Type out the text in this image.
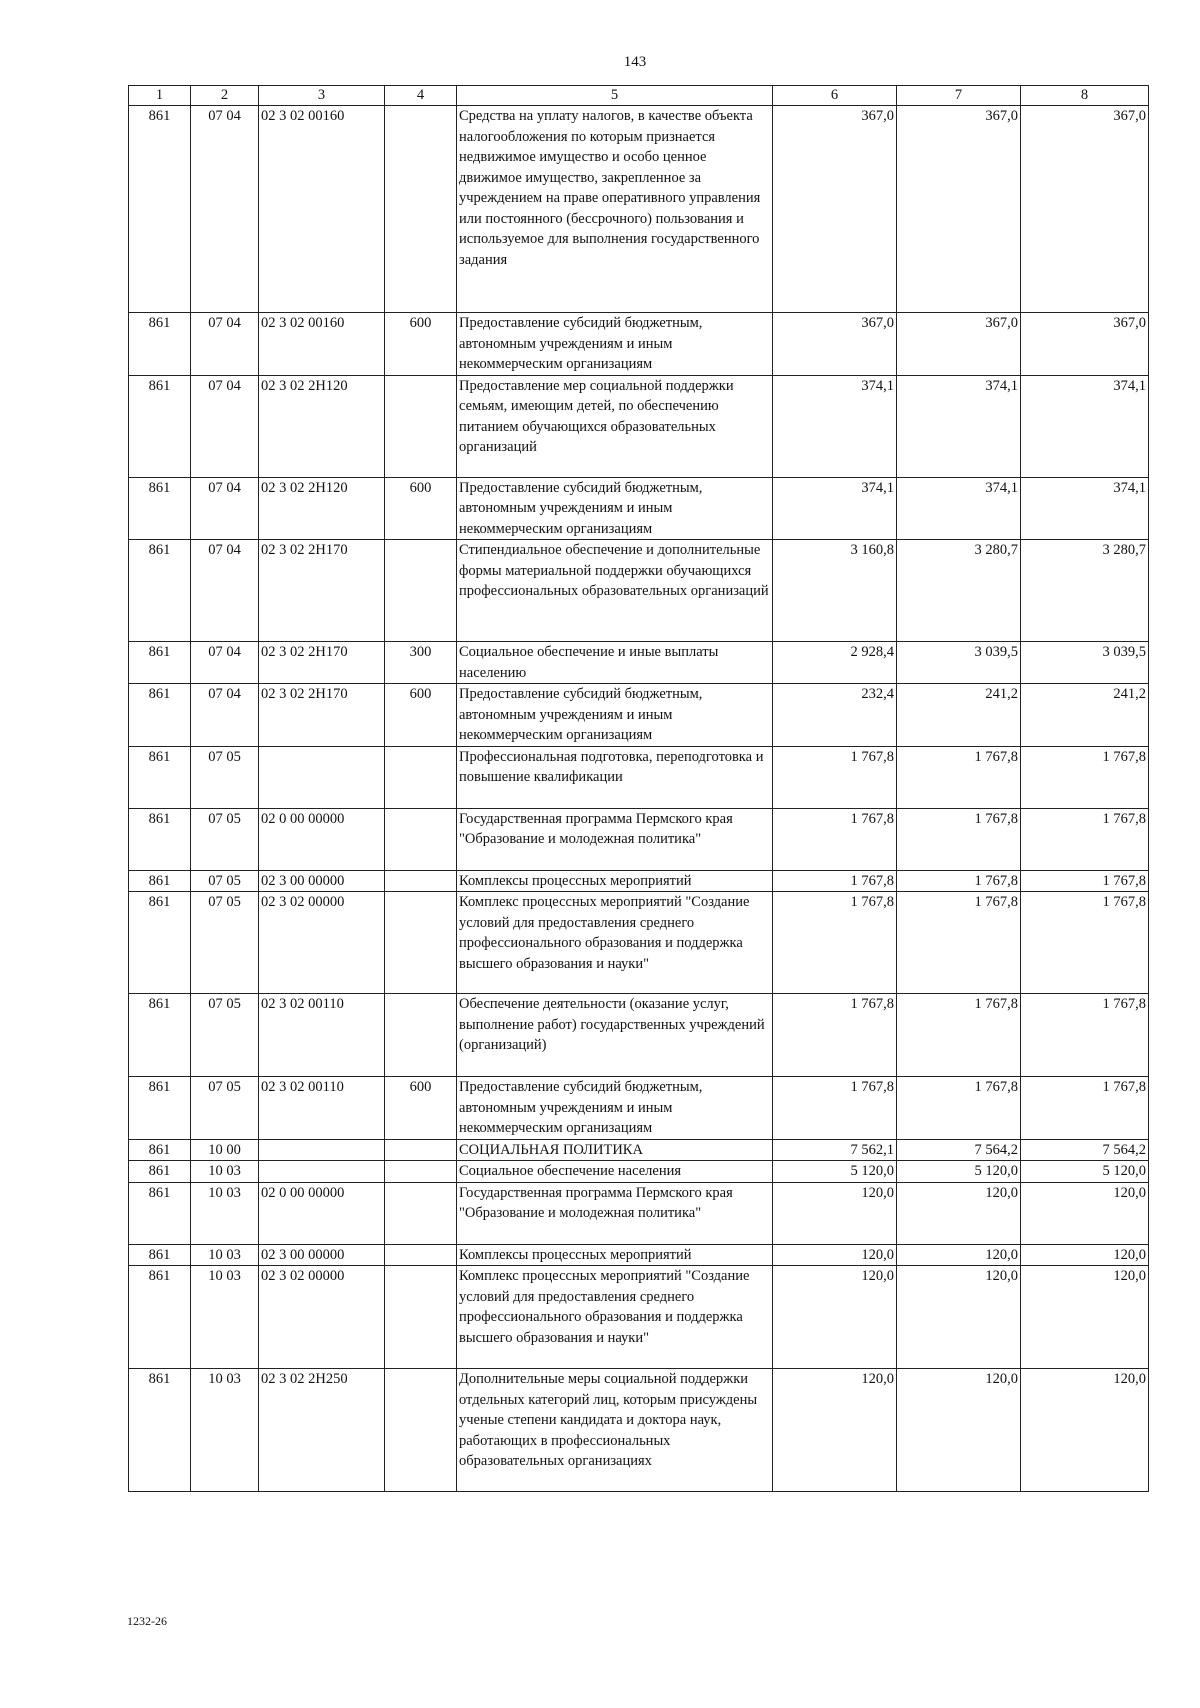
143
1	2	3	4	5	6	7	8
861	07 04	02 3 02 00160		Средства на уплату налогов, в качестве объекта налогообложения по которым признается недвижимое имущество и особо ценное движимое имущество, закрепленное за учреждением на праве оперативного управления или постоянного (бессрочного) пользования и используемое для выполнения государственного задания	367,0	367,0	367,0
861	07 04	02 3 02 00160	600	Предоставление субсидий бюджетным, автономным учреждениям и иным некоммерческим организациям	367,0	367,0	367,0
861	07 04	02 3 02 2Н120		Предоставление мер социальной поддержки семьям, имеющим детей, по обеспечению питанием обучающихся образовательных организаций	374,1	374,1	374,1
861	07 04	02 3 02 2Н120	600	Предоставление субсидий бюджетным, автономным учреждениям и иным некоммерческим организациям	374,1	374,1	374,1
861	07 04	02 3 02 2Н170		Стипендиальное обеспечение и дополнительные формы материальной поддержки обучающихся профессиональных образовательных организаций	3 160,8	3 280,7	3 280,7
861	07 04	02 3 02 2Н170	300	Социальное обеспечение и иные выплаты населению	2 928,4	3 039,5	3 039,5
861	07 04	02 3 02 2Н170	600	Предоставление субсидий бюджетным, автономным учреждениям и иным некоммерческим организациям	232,4	241,2	241,2
861	07 05			Профессиональная подготовка, переподготовка и повышение квалификации	1 767,8	1 767,8	1 767,8
861	07 05	02 0 00 00000		Государственная программа Пермского края "Образование и молодежная политика"	1 767,8	1 767,8	1 767,8
861	07 05	02 3 00 00000		Комплексы процессных мероприятий	1 767,8	1 767,8	1 767,8
861	07 05	02 3 02 00000		Комплекс процессных мероприятий "Создание условий для предоставления среднего профессионального образования и поддержка высшего образования и науки"	1 767,8	1 767,8	1 767,8
861	07 05	02 3 02 00110		Обеспечение деятельности (оказание услуг, выполнение работ) государственных учреждений (организаций)	1 767,8	1 767,8	1 767,8
861	07 05	02 3 02 00110	600	Предоставление субсидий бюджетным, автономным учреждениям и иным некоммерческим организациям	1 767,8	1 767,8	1 767,8
861	10 00			СОЦИАЛЬНАЯ ПОЛИТИКА	7 562,1	7 564,2	7 564,2
861	10 03			Социальное обеспечение населения	5 120,0	5 120,0	5 120,0
861	10 03	02 0 00 00000		Государственная программа Пермского края "Образование и молодежная политика"	120,0	120,0	120,0
861	10 03	02 3 00 00000		Комплексы процессных мероприятий	120,0	120,0	120,0
861	10 03	02 3 02 00000		Комплекс процессных мероприятий "Создание условий для предоставления среднего профессионального образования и поддержка высшего образования и науки"	120,0	120,0	120,0
861	10 03	02 3 02 2Н250		Дополнительные меры социальной поддержки отдельных категорий лиц, которым присуждены ученые степени кандидата и доктора наук, работающих в профессиональных образовательных организациях	120,0	120,0	120,0
1232-26
